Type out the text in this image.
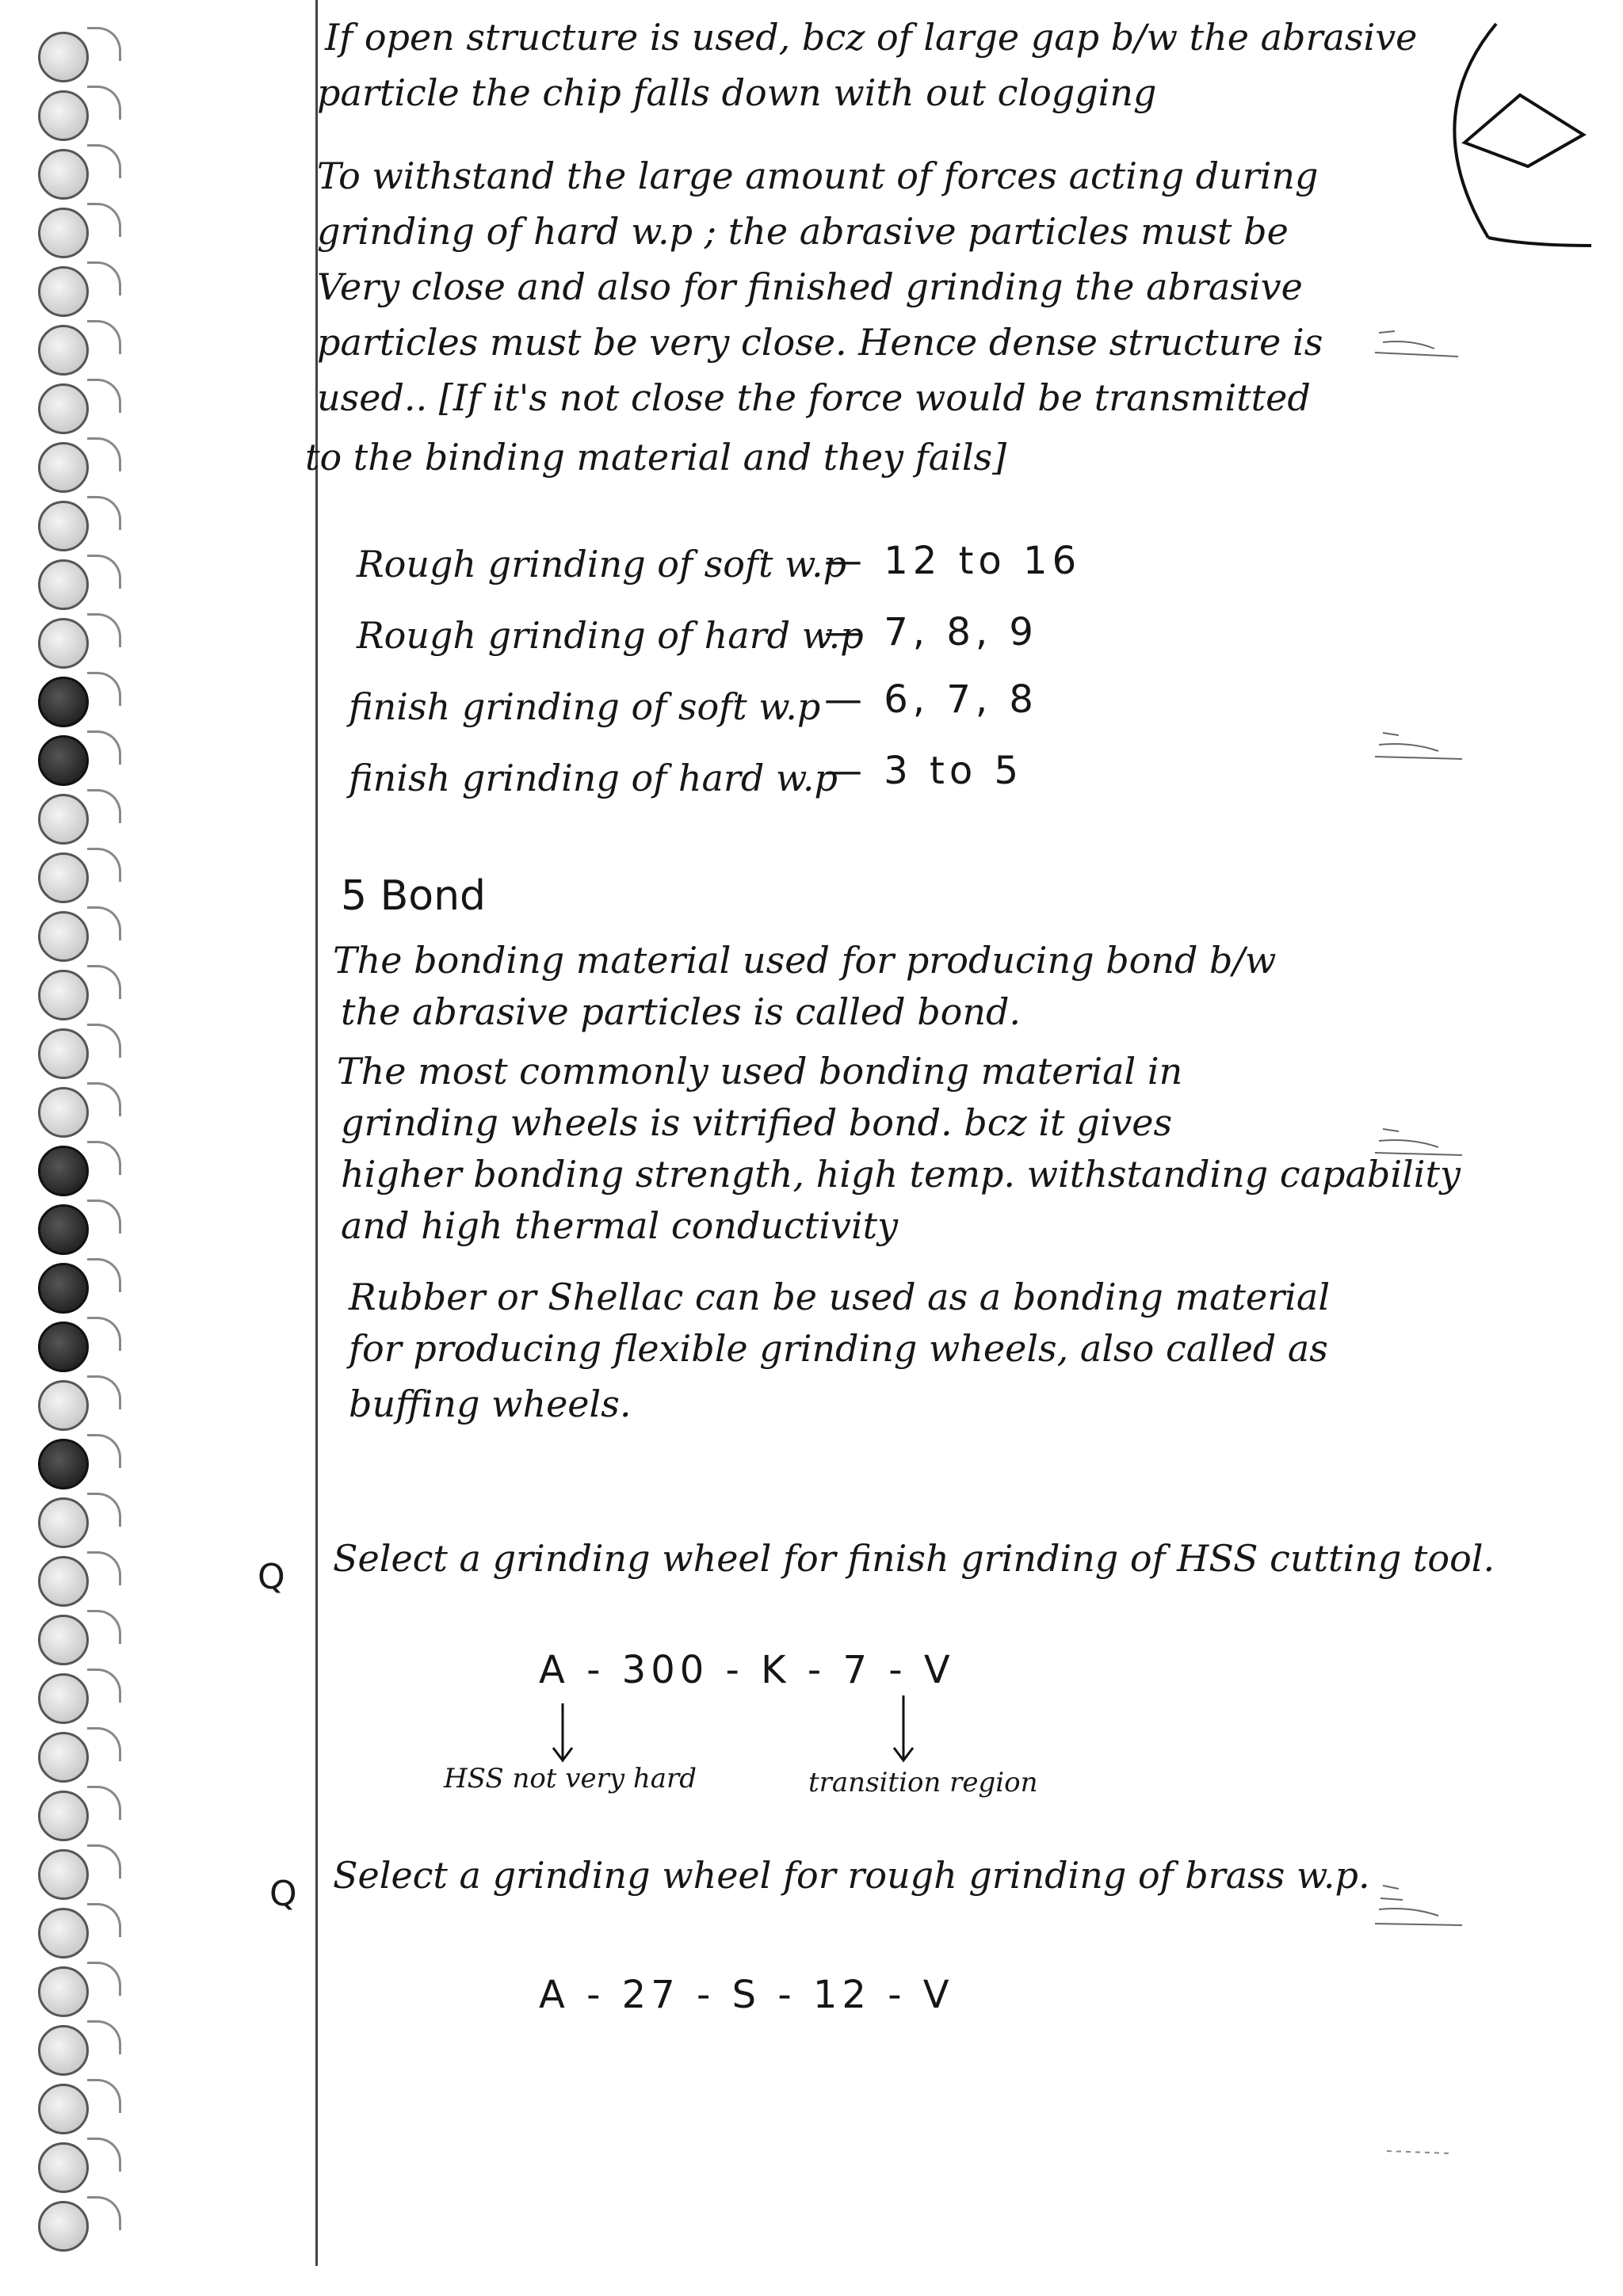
If open structure is used, bcz of large gap b/w the abrasive
particle the chip falls down with out clogging
To withstand the large amount of forces acting during
grinding of hard w.p ; the abrasive particles must be
Very close and also for finished grinding the abrasive
particles must be very close. Hence dense structure is
used.. [If it's not close the force would be transmitted
to the binding material and they fails]
Rough grinding of soft w.p
— 12 to 16
Rough grinding of hard w.p
— 7, 8, 9
finish grinding of soft w.p — 6, 7, 8
finish grinding of hard w.p
— 3 to 5
5 Bond
The bonding material used for producing bond b/w
the abrasive particles is called bond.
The most commonly used bonding material in
grinding wheels is vitrified bond. bcz it gives
higher bonding strength, high temp. withstanding capability
and high thermal conductivity
Rubber or Shellac can be used as a bonding material
for producing flexible grinding wheels, also called as
buffing wheels.
Q Select a grinding wheel for finish grinding of HSS cutting tool.
A - 300 - K - 7 - V
HSS not very hard	transition region
Q Select a grinding wheel for rough grinding of brass w.p.
A - 27 - S - 12 - V
